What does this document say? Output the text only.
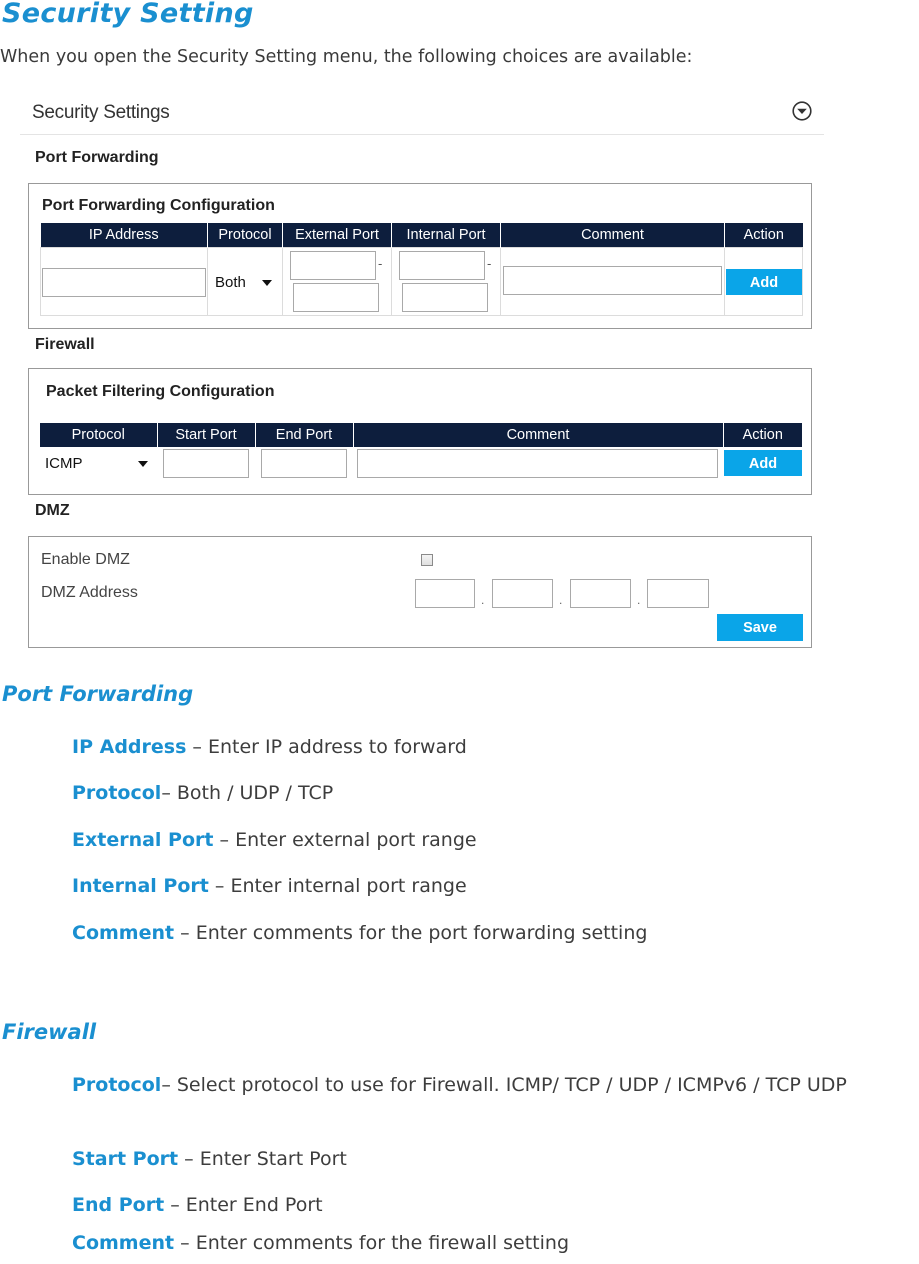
Security Setting

When you open the Security Setting menu, the following choices are available:

Security Settings
Port Forwarding
Port Forwarding Configuration
IP Address	Protocol	External Port	Internal Port	Comment	Action

	Both	-	-		Add
Firewall
Packet Filtering Configuration
Protocol	Start Port	End Port	Comment	Action

ICMP				Add
DMZ
Enable DMZ
DMZ Address	.	.	.
Save
Port Forwarding

IP Address – Enter IP address to forward

Protocol– Both / UDP / TCP

External Port – Enter external port range

Internal Port – Enter internal port range

Comment – Enter comments for the port forwarding setting

Firewall

Protocol– Select protocol to use for Firewall. ICMP/ TCP / UDP / ICMPv6 / TCP UDP

Start Port – Enter Start Port

End Port – Enter End Port

Comment – Enter comments for the firewall setting
